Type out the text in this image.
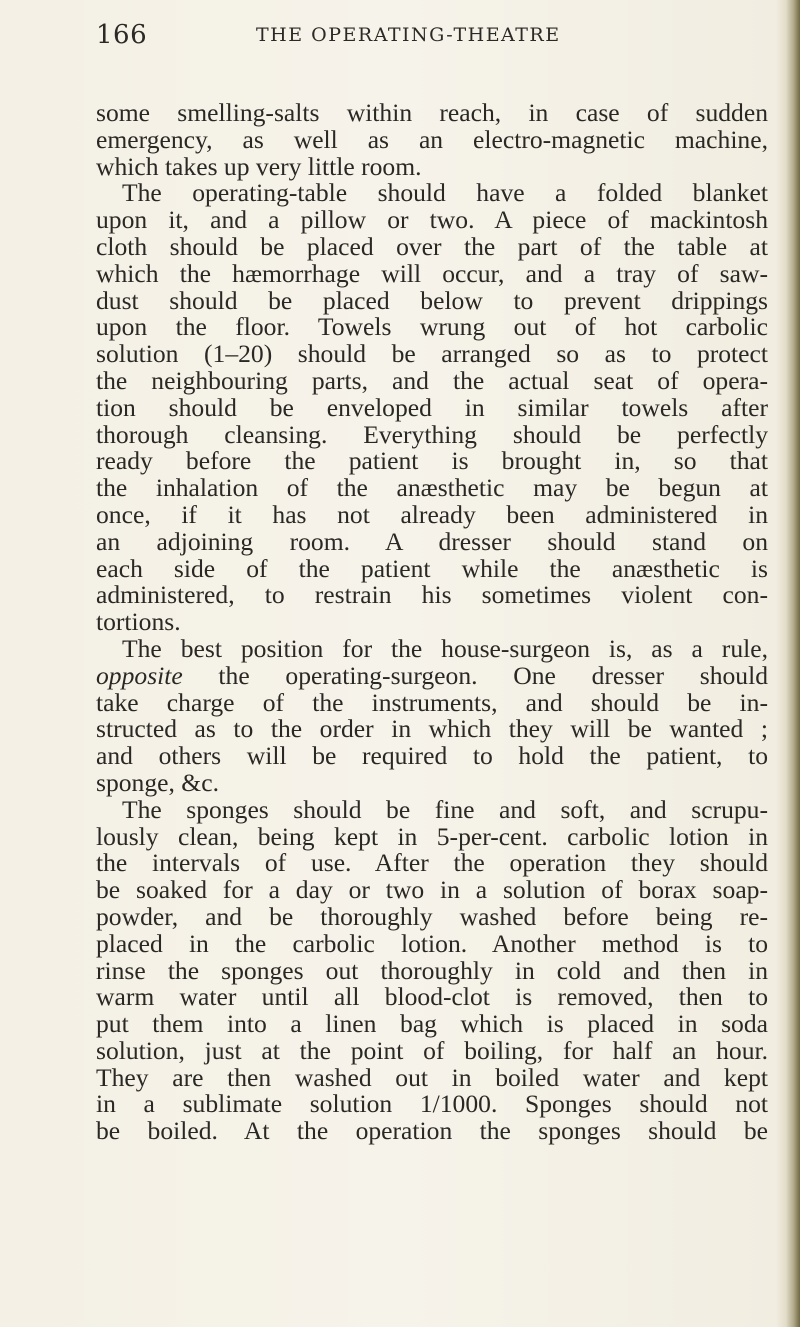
166	THE OPERATING-THEATRE
some smelling-salts within reach, in case of sudden
emergency, as well as an electro-magnetic machine,
which takes up very little room.
The operating-table should have a folded blanket
upon it, and a pillow or two. A piece of mackintosh
cloth should be placed over the part of the table at
which the hæmorrhage will occur, and a tray of saw-
dust should be placed below to prevent drippings
upon the floor. Towels wrung out of hot carbolic
solution (1–20) should be arranged so as to protect
the neighbouring parts, and the actual seat of opera-
tion should be enveloped in similar towels after
thorough cleansing. Everything should be perfectly
ready before the patient is brought in, so that
the inhalation of the anæsthetic may be begun at
once, if it has not already been administered in
an adjoining room. A dresser should stand on
each side of the patient while the anæsthetic is
administered, to restrain his sometimes violent con-
tortions.
The best position for the house-surgeon is, as a rule,
opposite the operating-surgeon. One dresser should
take charge of the instruments, and should be in-
structed as to the order in which they will be wanted ;
and others will be required to hold the patient, to
sponge, &c.
The sponges should be fine and soft, and scrupu-
lously clean, being kept in 5-per-cent. carbolic lotion in
the intervals of use. After the operation they should
be soaked for a day or two in a solution of borax soap-
powder, and be thoroughly washed before being re-
placed in the carbolic lotion. Another method is to
rinse the sponges out thoroughly in cold and then in
warm water until all blood-clot is removed, then to
put them into a linen bag which is placed in soda
solution, just at the point of boiling, for half an hour.
They are then washed out in boiled water and kept
in a sublimate solution 1/1000. Sponges should not
be boiled. At the operation the sponges should be
